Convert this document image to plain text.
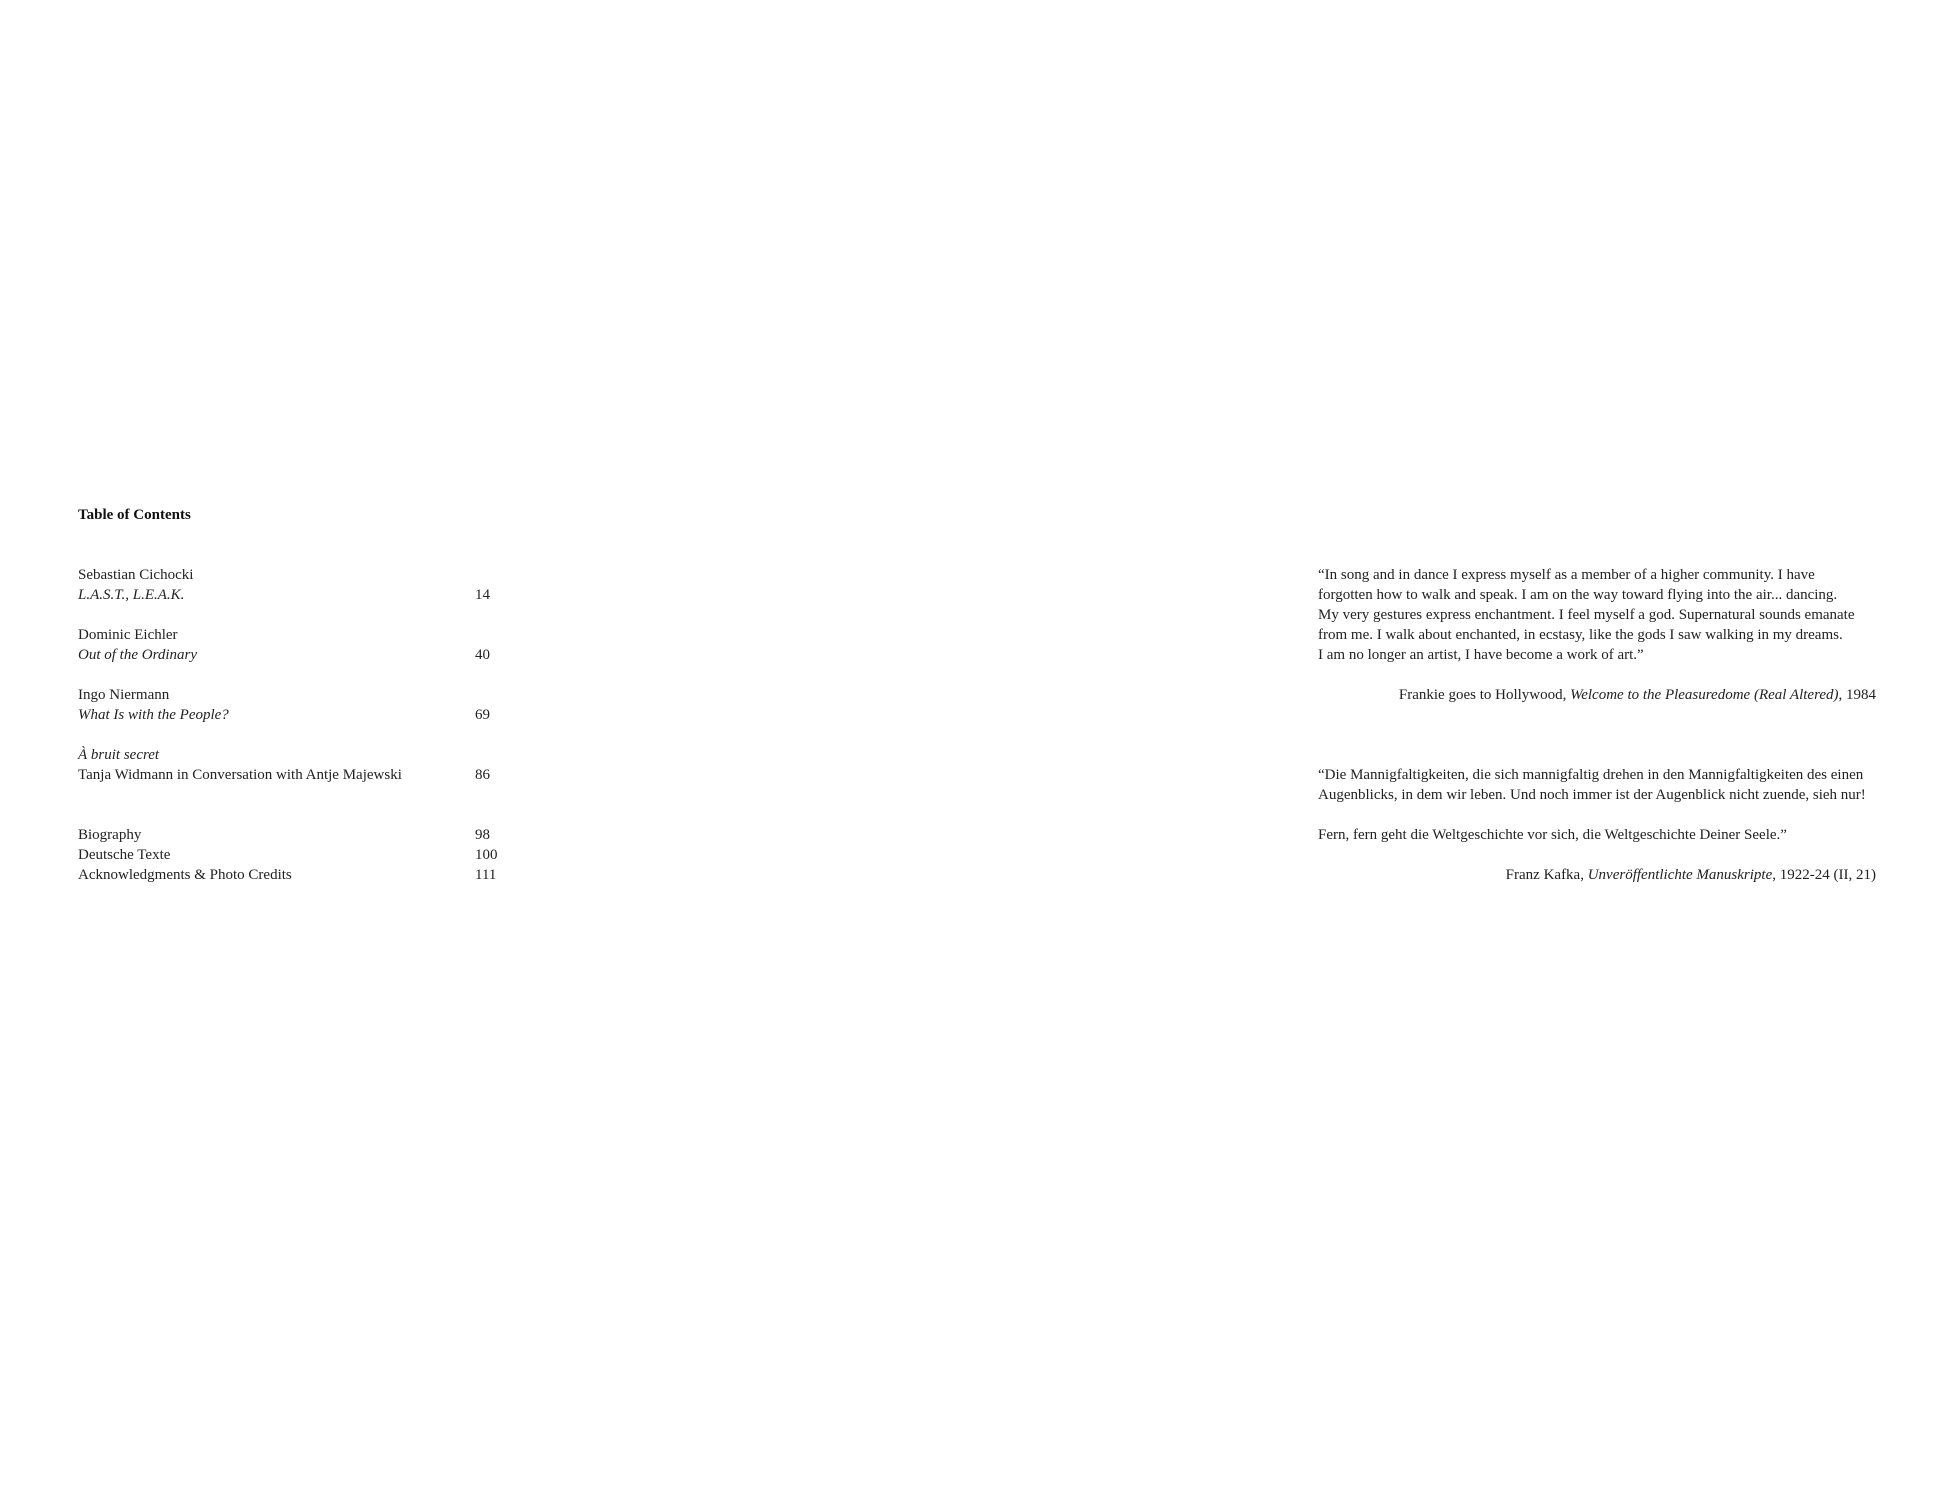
Table of Contents
Sebastian Cichocki
L.A.S.T., L.E.A.K.	14
Dominic Eichler
Out of the Ordinary	40
Ingo Niermann
What Is with the People?	69
À bruit secret
Tanja Widmann in Conversation with Antje Majewski	86
Biography	98
Deutsche Texte	100
Acknowledgments & Photo Credits	111
“In song and in dance I express myself as a member of a higher community. I have
forgotten how to walk and speak. I am on the way toward flying into the air... dancing.
My very gestures express enchantment. I feel myself a god. Supernatural sounds emanate
from me. I walk about enchanted, in ecstasy, like the gods I saw walking in my dreams.
I am no longer an artist, I have become a work of art.”
Frankie goes to Hollywood, Welcome to the Pleasuredome (Real Altered), 1984
“Die Mannigfaltigkeiten, die sich mannigfaltig drehen in den Mannigfaltigkeiten des einen
Augenblicks, in dem wir leben. Und noch immer ist der Augenblick nicht zuende, sieh nur!
Fern, fern geht die Weltgeschichte vor sich, die Weltgeschichte Deiner Seele.”
Franz Kafka, Unveröffentlichte Manuskripte, 1922-24 (II, 21)
